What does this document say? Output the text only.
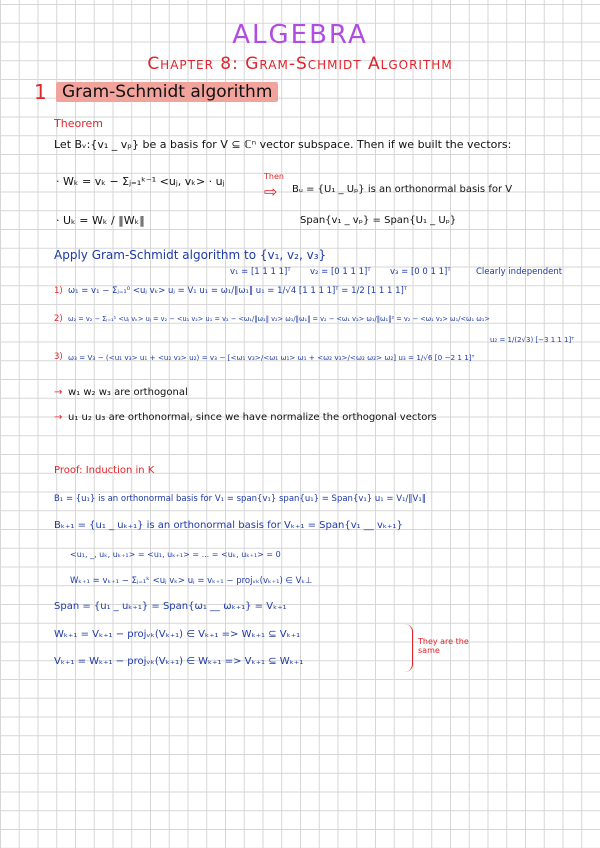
ALGEBRA
Chapter 8: Gram-Schmidt Algorithm
1 Gram-Schmidt algorithm
Theorem
Let Bᵥ:{v₁ _ vₚ} be a basis for V ⊆ ℂⁿ vector subspace. Then if we built the vectors:
· Wₖ = vₖ − Σⱼ₌₁ᵏ⁻¹ <uⱼ, vₖ> · uⱼ
· Uₖ = Wₖ / ‖Wₖ‖
Then
⇨ Bᵤ = {U₁ _ Uₚ} is an orthonormal basis for V
Span{v₁ _ vₚ} = Span{U₁ _ Uₚ}
Apply Gram-Schmidt algorithm to {v₁, v₂, v₃}
v₁ = [1 1 1 1]ᵀ v₂ = [0 1 1 1]ᵀ v₃ = [0 0 1 1]ᵀ	Clearly independent
1) ω₁ = v₁ − Σⱼ₌₁⁰ <uⱼ vₖ> uⱼ = V₁ u₁ = ω₁/‖ω₁‖ u₁ = 1/√4 [1 1 1 1]ᵀ = 1/2 [1 1 1 1]ᵀ
2) ω₂ = v₂ − Σⱼ₌₁¹ <uⱼ vₖ> uⱼ = v₂ − <u₁ v₂> u₁ = v₂ − <ω₁/‖ω₁‖ v₂> ω₁/‖ω₁‖ = v₂ − <ω₁ v₂> ω₁/‖ω₁‖² = v₂ − <ω₁ v₂> ω₁/<ω₁ ω₁>
u₂ = 1/(2√3) [−3 1 1 1]ᵀ
3) ω₃ = V₃ − (<u₁ v₃> u₁ + <u₂ v₃> u₂) = v₃ − [<ω₁ v₃>/<ω₁ ω₁> ω₁ + <ω₂ v₃>/<ω₂ ω₂> ω₂] u₃ = 1/√6 [0 −2 1 1]ᵀ
→ w₁ w₂ w₃ are orthogonal
→ u₁ u₂ u₃ are orthonormal, since we have normalize the orthogonal vectors
Proof: Induction in K
B₁ = {u₁} is an orthonormal basis for V₁ = span{v₁} span{u₁} = Span{v₁} u₁ = V₁/‖V₁‖
Bₖ₊₁ = {u₁ _ uₖ₊₁} is an orthonormal basis for Vₖ₊₁ = Span{v₁ __ vₖ₊₁}
<u₁, _, uₖ, uₖ₊₁> = <u₁, uₖ₊₁> = ... = <uₖ, uₖ₊₁> = 0
Wₖ₊₁ = vₖ₊₁ − Σⱼ₌₁ᵏ <uⱼ vₖ> uⱼ = vₖ₊₁ − projᵥₖ(vₖ₊₁) ∈ Vₖ⊥
Span = {u₁ _ uₖ₊₁} = Span{ω₁ __ ωₖ₊₁} = Vₖ₊₁
Wₖ₊₁ = Vₖ₊₁ − projᵥₖ(Vₖ₊₁) ∈ Vₖ₊₁ => Wₖ₊₁ ⊆ Vₖ₊₁
Vₖ₊₁ = Wₖ₊₁ − projᵥₖ(Vₖ₊₁) ∈ Wₖ₊₁ => Vₖ₊₁ ⊆ Wₖ₊₁
They are the same
